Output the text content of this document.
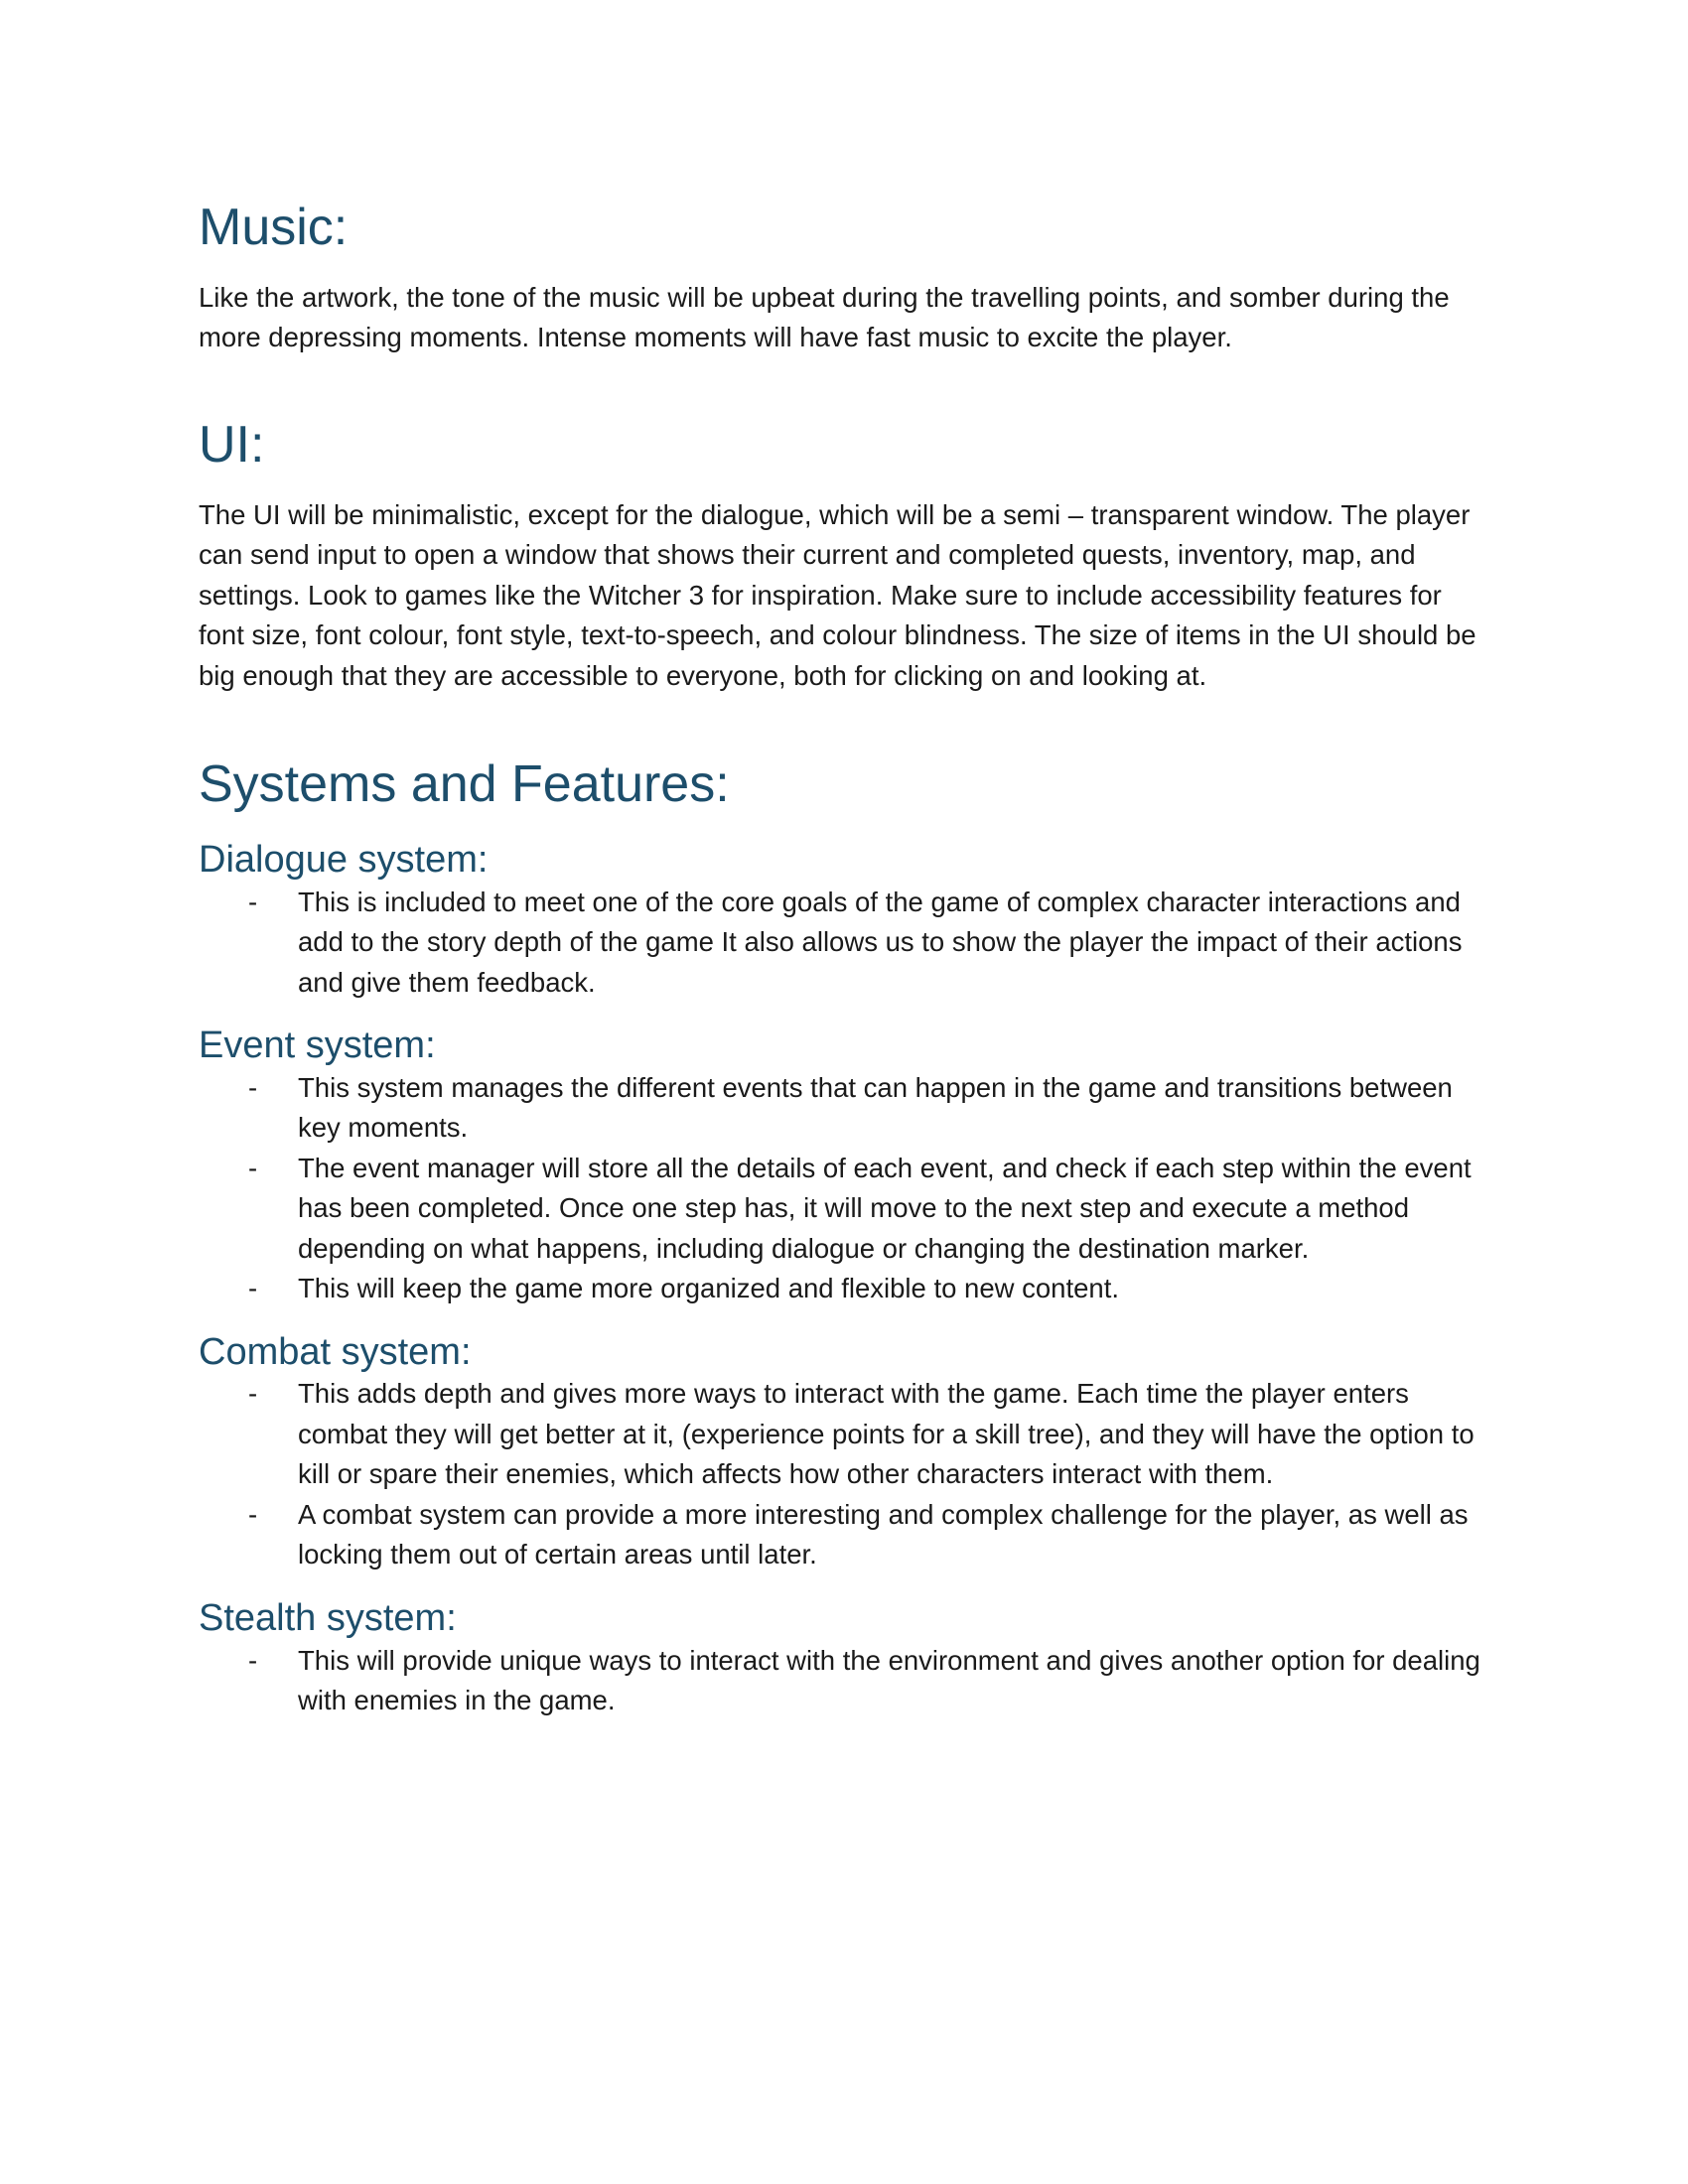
Music:

Like the artwork, the tone of the music will be upbeat during the travelling points, and somber during the more depressing moments. Intense moments will have fast music to excite the player.

UI:

The UI will be minimalistic, except for the dialogue, which will be a semi – transparent window. The player can send input to open a window that shows their current and completed quests, inventory, map, and settings. Look to games like the Witcher 3 for inspiration. Make sure to include accessibility features for font size, font colour, font style, text-to-speech, and colour blindness. The size of items in the UI should be big enough that they are accessible to everyone, both for clicking on and looking at.

Systems and Features:
Dialogue system:
- This is included to meet one of the core goals of the game of complex character interactions and add to the story depth of the game It also allows us to show the player the impact of their actions and give them feedback.
Event system:
- This system manages the different events that can happen in the game and transitions between key moments.
- The event manager will store all the details of each event, and check if each step within the event has been completed. Once one step has, it will move to the next step and execute a method depending on what happens, including dialogue or changing the destination marker.
- This will keep the game more organized and flexible to new content.
Combat system:
- This adds depth and gives more ways to interact with the game. Each time the player enters combat they will get better at it, (experience points for a skill tree), and they will have the option to kill or spare their enemies, which affects how other characters interact with them.
- A combat system can provide a more interesting and complex challenge for the player, as well as locking them out of certain areas until later.
Stealth system:
- This will provide unique ways to interact with the environment and gives another option for dealing with enemies in the game.
